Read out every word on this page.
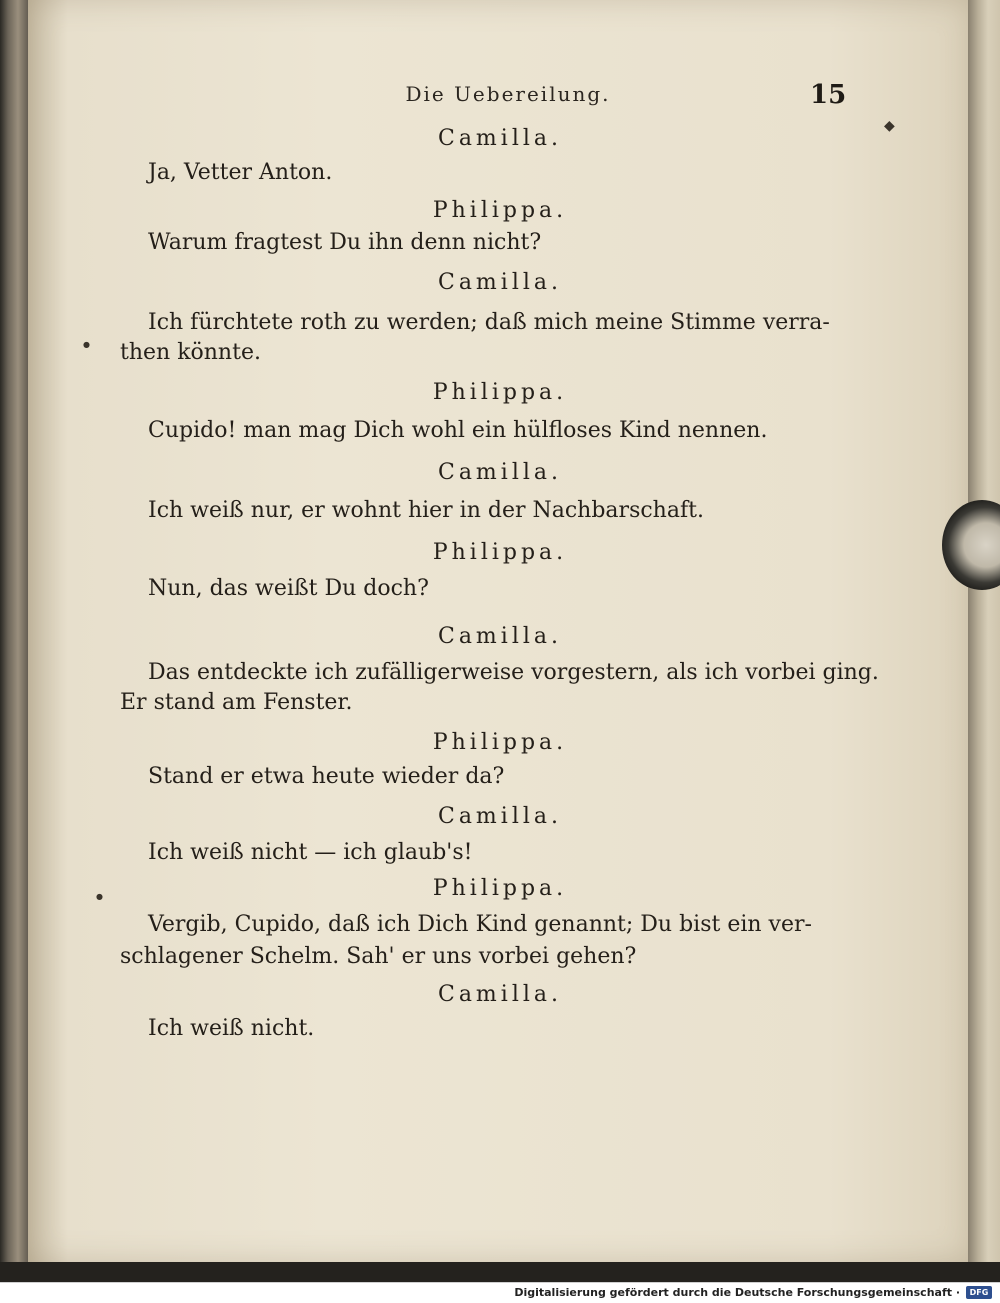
Die Uebereilung.	15
◆
●
●
Camilla.
Ja, Vetter Anton.
Philippa.
Warum fragtest Du ihn denn nicht?
Camilla.
Ich fürchtete roth zu werden; daß mich meine Stimme verra-
then könnte.
Philippa.
Cupido! man mag Dich wohl ein hülfloses Kind nennen.
Camilla.
Ich weiß nur, er wohnt hier in der Nachbarschaft.
Philippa.
Nun, das weißt Du doch?
Camilla.
Das entdeckte ich zufälligerweise vorgestern, als ich vorbei ging.
Er stand am Fenster.
Philippa.
Stand er etwa heute wieder da?
Camilla.
Ich weiß nicht — ich glaub's!
Philippa.
Vergib, Cupido, daß ich Dich Kind genannt; Du bist ein ver-
schlagener Schelm. Sah' er uns vorbei gehen?
Camilla.
Ich weiß nicht.
Digitalisierung gefördert durch die Deutsche Forschungsgemeinschaft ·	DFG
